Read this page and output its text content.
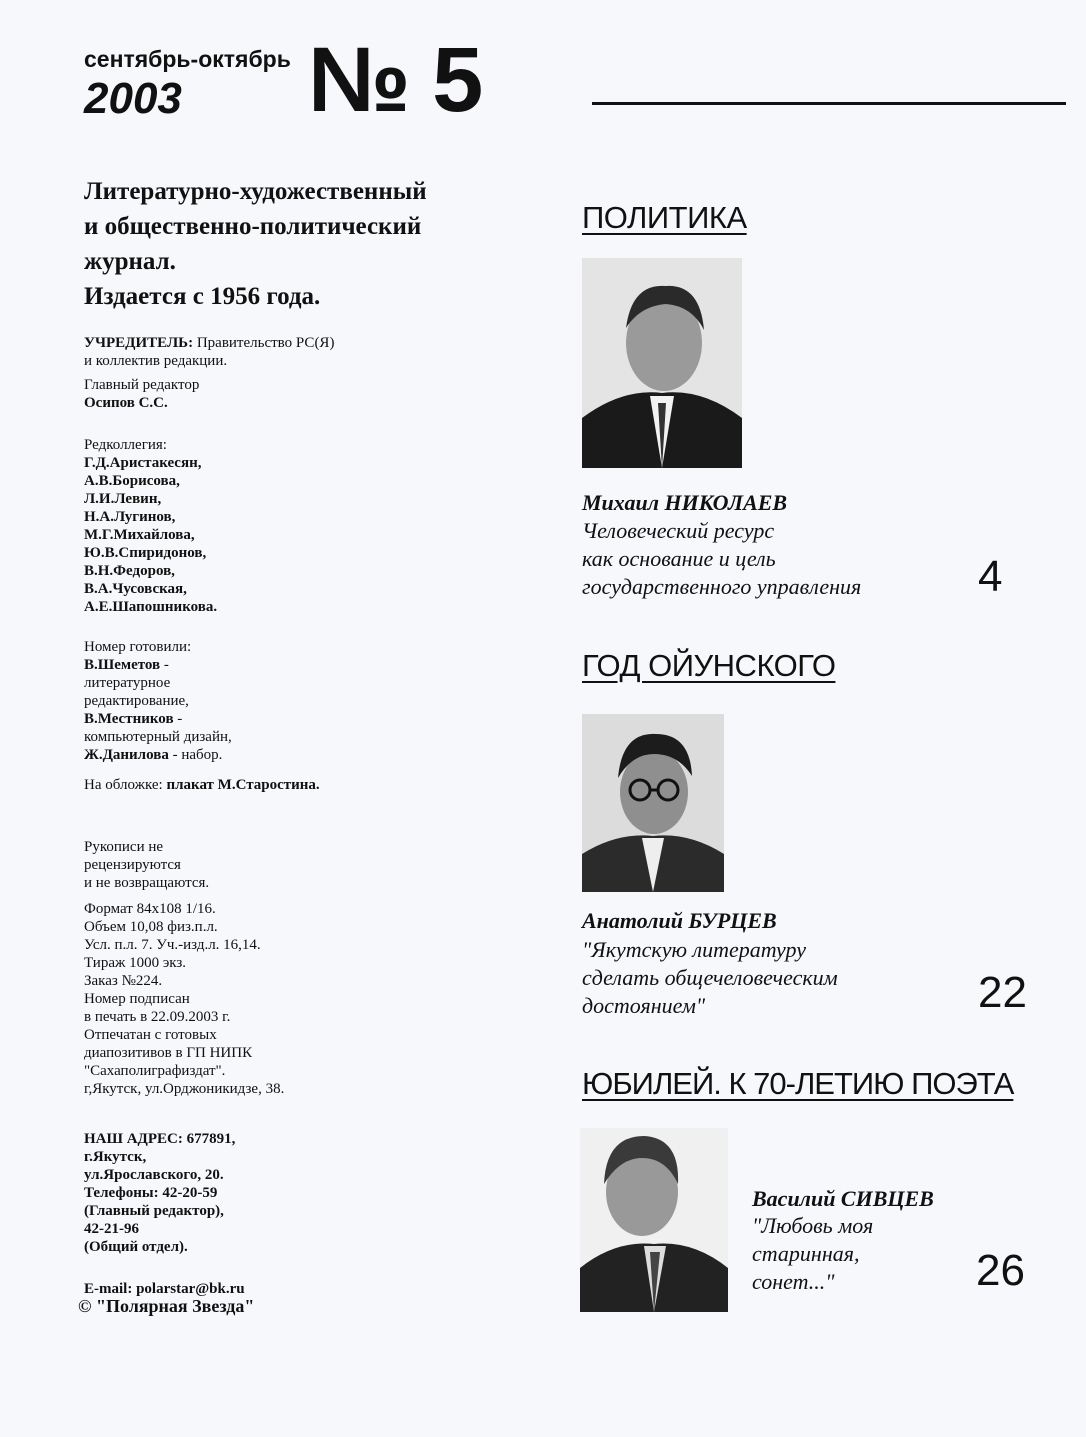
сентябрь-октябрь
2003 № 5
Литературно-художественный
и общественно-политический
журнал.
Издается с 1956 года.
УЧРЕДИТЕЛЬ: Правительство РС(Я)
и коллектив редакции.
Главный редактор
Осипов С.С.
Редколлегия:
Г.Д.Аристакесян,
А.В.Борисова,
Л.И.Левин,
Н.А.Лугинов,
М.Г.Михайлова,
Ю.В.Спиридонов,
В.Н.Федоров,
В.А.Чусовская,
А.Е.Шапошникова.
Номер готовили:
В.Шеметов -
литературное
редактирование,
В.Местников -
компьютерный дизайн,
Ж.Данилова - набор.
На обложке: плакат М.Старостина.
Рукописи не
рецензируются
и не возвращаются.
Формат 84x108 1/16.
Объем 10,08 физ.п.л.
Усл. п.л. 7. Уч.-изд.л. 16,14.
Тираж 1000 экз.
Заказ №224.
Номер подписан
в печать в 22.09.2003 г.
Отпечатан с готовых
диапозитивов в ГП НИПК
"Сахаполиграфиздат".
г,Якутск, ул.Орджоникидзе, 38.
НАШ АДРЕС: 677891,
г.Якутск,
ул.Ярославского, 20.
Телефоны: 42-20-59
(Главный редактор),
42-21-96
(Общий отдел).
E-mail: polarstar@bk.ru
© "Полярная Звезда"
ПОЛИТИКА
Михаил НИКОЛАЕВ
Человеческий ресурс
как основание и цель
государственного управления	4
ГОД ОЙУНСКОГО
Анатолий БУРЦЕВ
"Якутскую литературу
сделать общечеловеческим
достоянием"	22
ЮБИЛЕЙ. К 70-ЛЕТИЮ ПОЭТА
Василий СИВЦЕВ
"Любовь моя
старинная,
сонет..."	26
